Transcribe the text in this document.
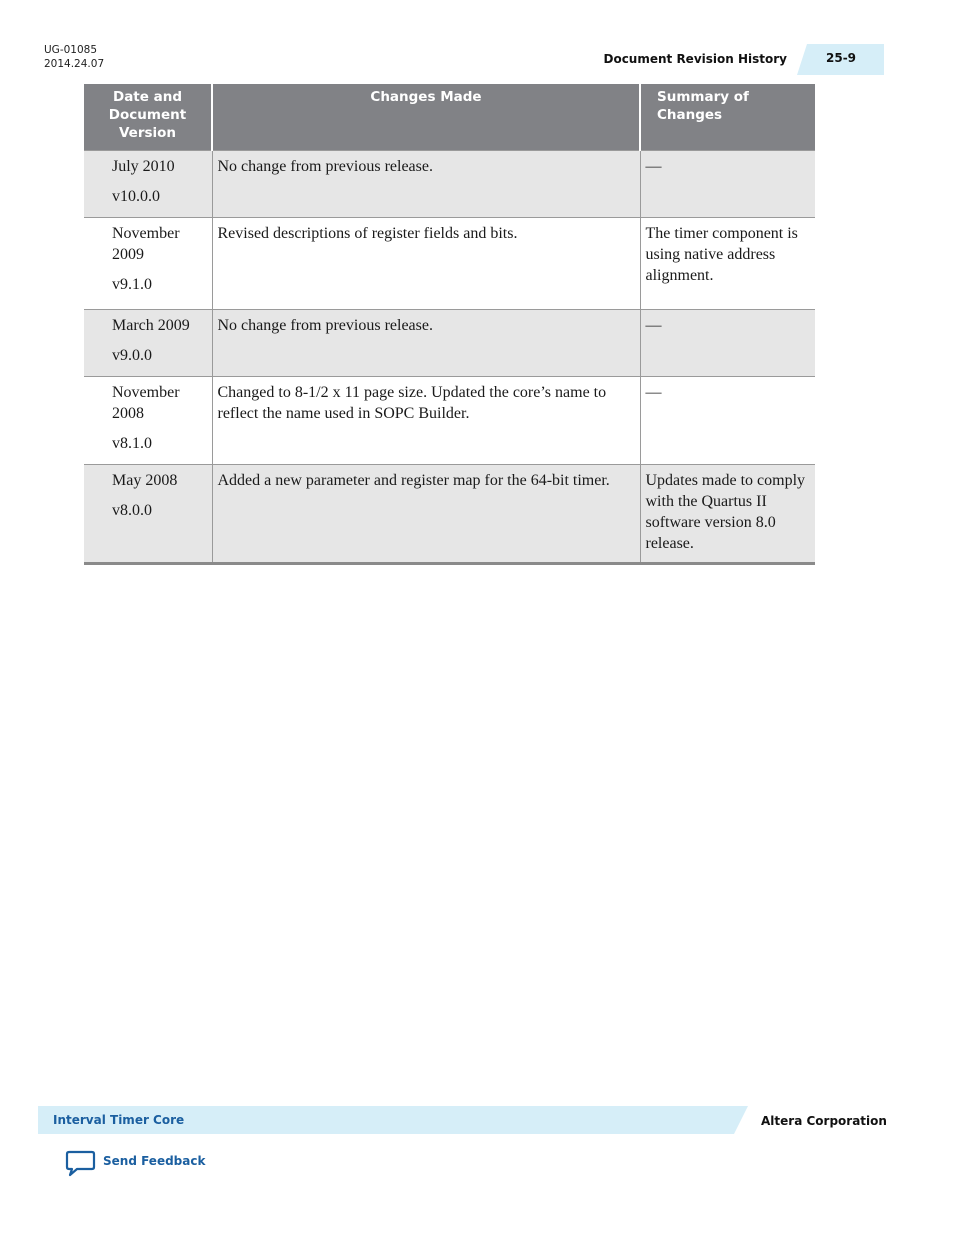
UG-01085
2014.24.07	Document Revision History	25-9
Date and Document Version	Changes Made	Summary of Changes

July 2010
v10.0.0	No change from previous release.	—

November 2009
v9.1.0	Revised descriptions of register fields and bits.	The timer component is using native address alignment.

March 2009
v9.0.0	No change from previous release.	—

November 2008
v8.1.0	Changed to 8-1/2 x 11 page size. Updated the core’s name to reflect the name used in SOPC Builder.	—

May 2008
v8.0.0	Added a new parameter and register map for the 64-bit timer.	Updates made to comply with the Quartus II software version 8.0 release.
Interval Timer Core	Altera Corporation
Send Feedback
